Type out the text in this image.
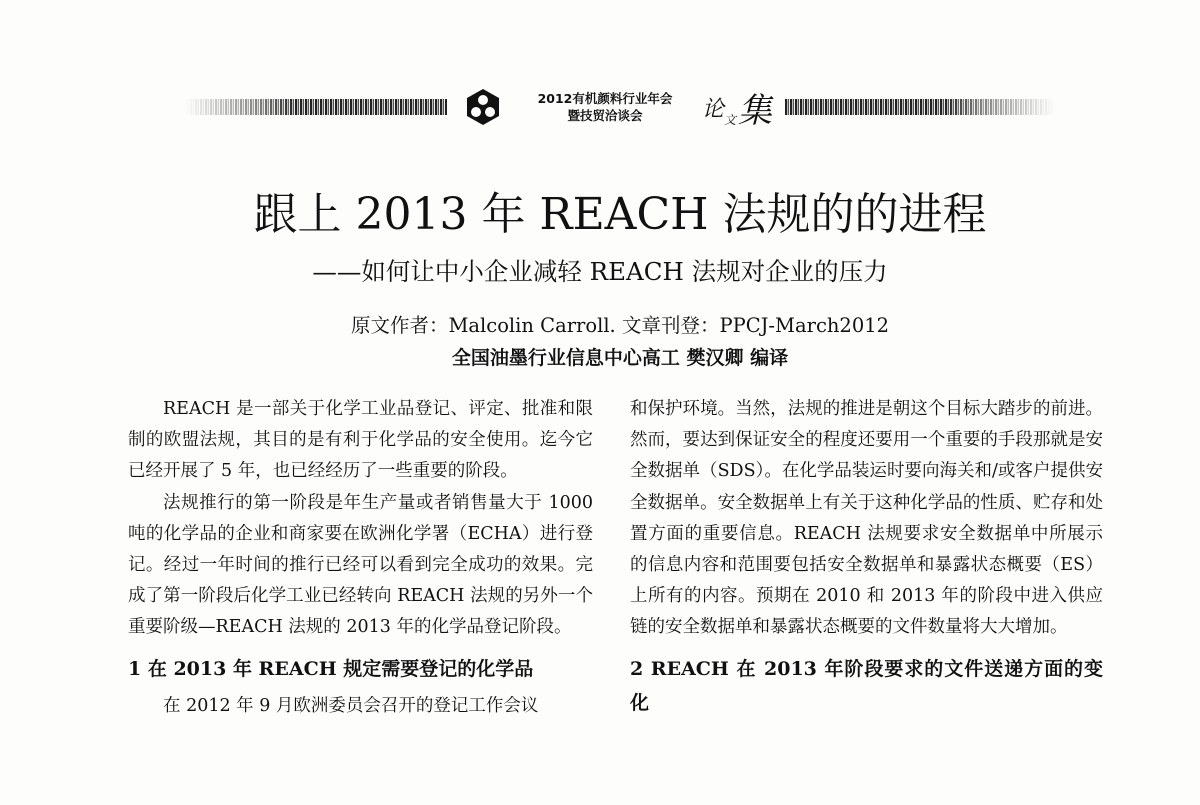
2012有机颜料行业年会
暨技贸洽谈会	论 文 集
跟上 2013 年 REACH 法规的的进程
——如何让中小企业减轻 REACH 法规对企业的压力
原文作者：Malcolin Carroll. 文章刊登：PPCJ-March2012
全国油墨行业信息中心高工 樊汉卿 编译

REACH 是一部关于化学工业品登记、评定、批准和限制的欧盟法规，其目的是有利于化学品的安全使用。迄今它已经开展了 5 年，也已经经历了一些重要的阶段。

法规推行的第一阶段是年生产量或者销售量大于 1000 吨的化学品的企业和商家要在欧洲化学署（ECHA）进行登记。经过一年时间的推行已经可以看到完全成功的效果。完成了第一阶段后化学工业已经转向 REACH 法规的另外一个重要阶级—REACH 法规的 2013 年的化学品登记阶段。

1 在 2013 年 REACH 规定需要登记的化学品

在 2012 年 9 月欧洲委员会召开的登记工作会议

和保护环境。当然，法规的推进是朝这个目标大踏步的前进。然而，要达到保证安全的程度还要用一个重要的手段那就是安全数据单（SDS）。在化学品装运时要向海关和/或客户提供安全数据单。安全数据单上有关于这种化学品的性质、贮存和处置方面的重要信息。REACH 法规要求安全数据单中所展示的信息内容和范围要包括安全数据单和暴露状态概要（ES）上所有的内容。预期在 2010 和 2013 年的阶段中进入供应链的安全数据单和暴露状态概要的文件数量将大大增加。

2 REACH 在 2013 年阶段要求的文件送递方面的变化
